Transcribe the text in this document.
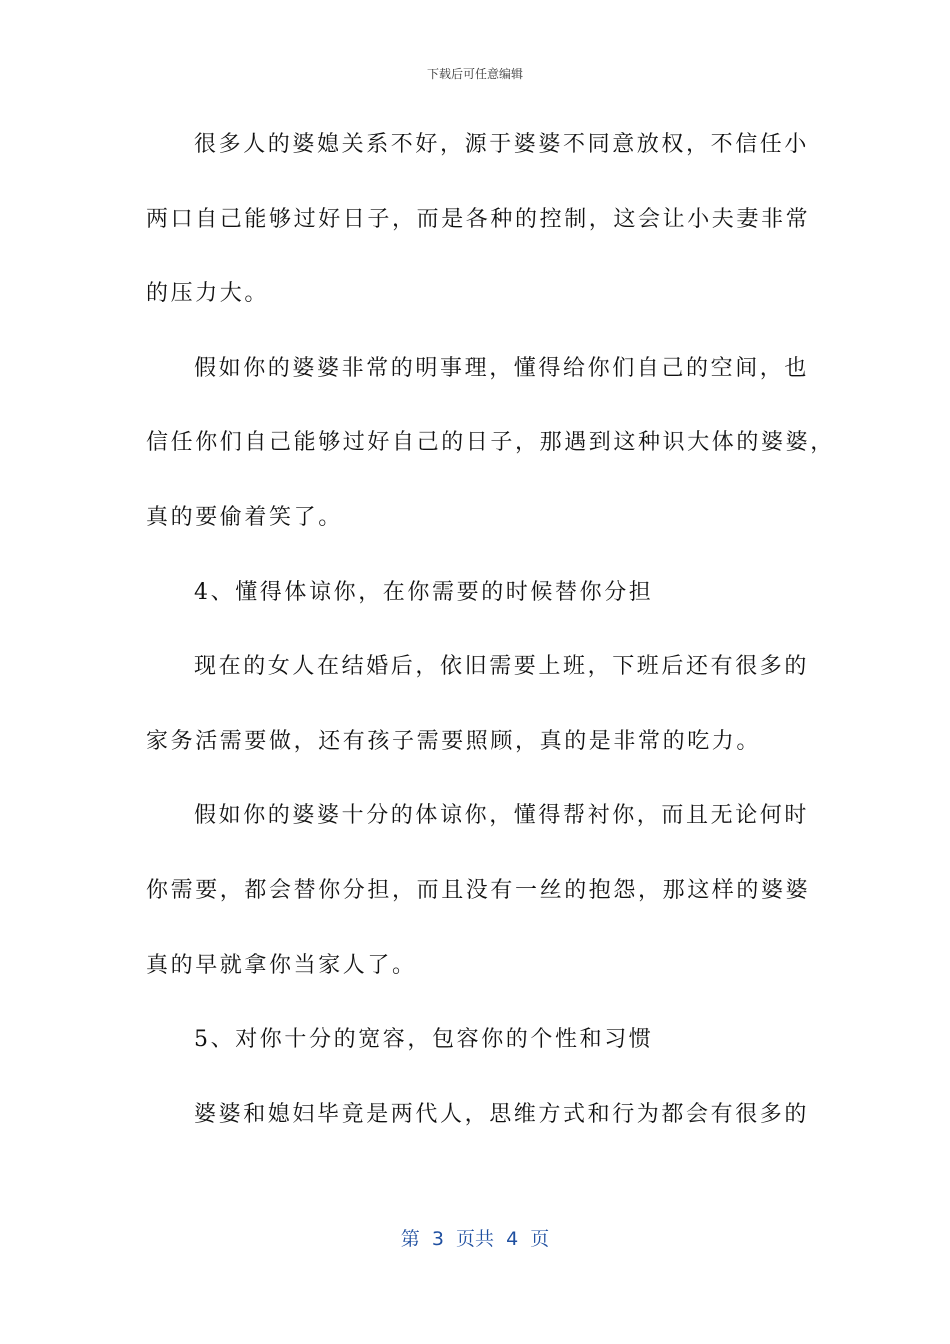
下载后可任意编辑
很多人的婆媳关系不好，源于婆婆不同意放权，不信任小
两口自己能够过好日子，而是各种的控制，这会让小夫妻非常
的压力大。
假如你的婆婆非常的明事理，懂得给你们自己的空间，也
信任你们自己能够过好自己的日子，那遇到这种识大体的婆婆，
真的要偷着笑了。
4、懂得体谅你，在你需要的时候替你分担
现在的女人在结婚后，依旧需要上班，下班后还有很多的
家务活需要做，还有孩子需要照顾，真的是非常的吃力。
假如你的婆婆十分的体谅你，懂得帮衬你，而且无论何时
你需要，都会替你分担，而且没有一丝的抱怨，那这样的婆婆
真的早就拿你当家人了。
5、对你十分的宽容，包容你的个性和习惯
婆婆和媳妇毕竟是两代人，思维方式和行为都会有很多的
第  3  页共  4  页
